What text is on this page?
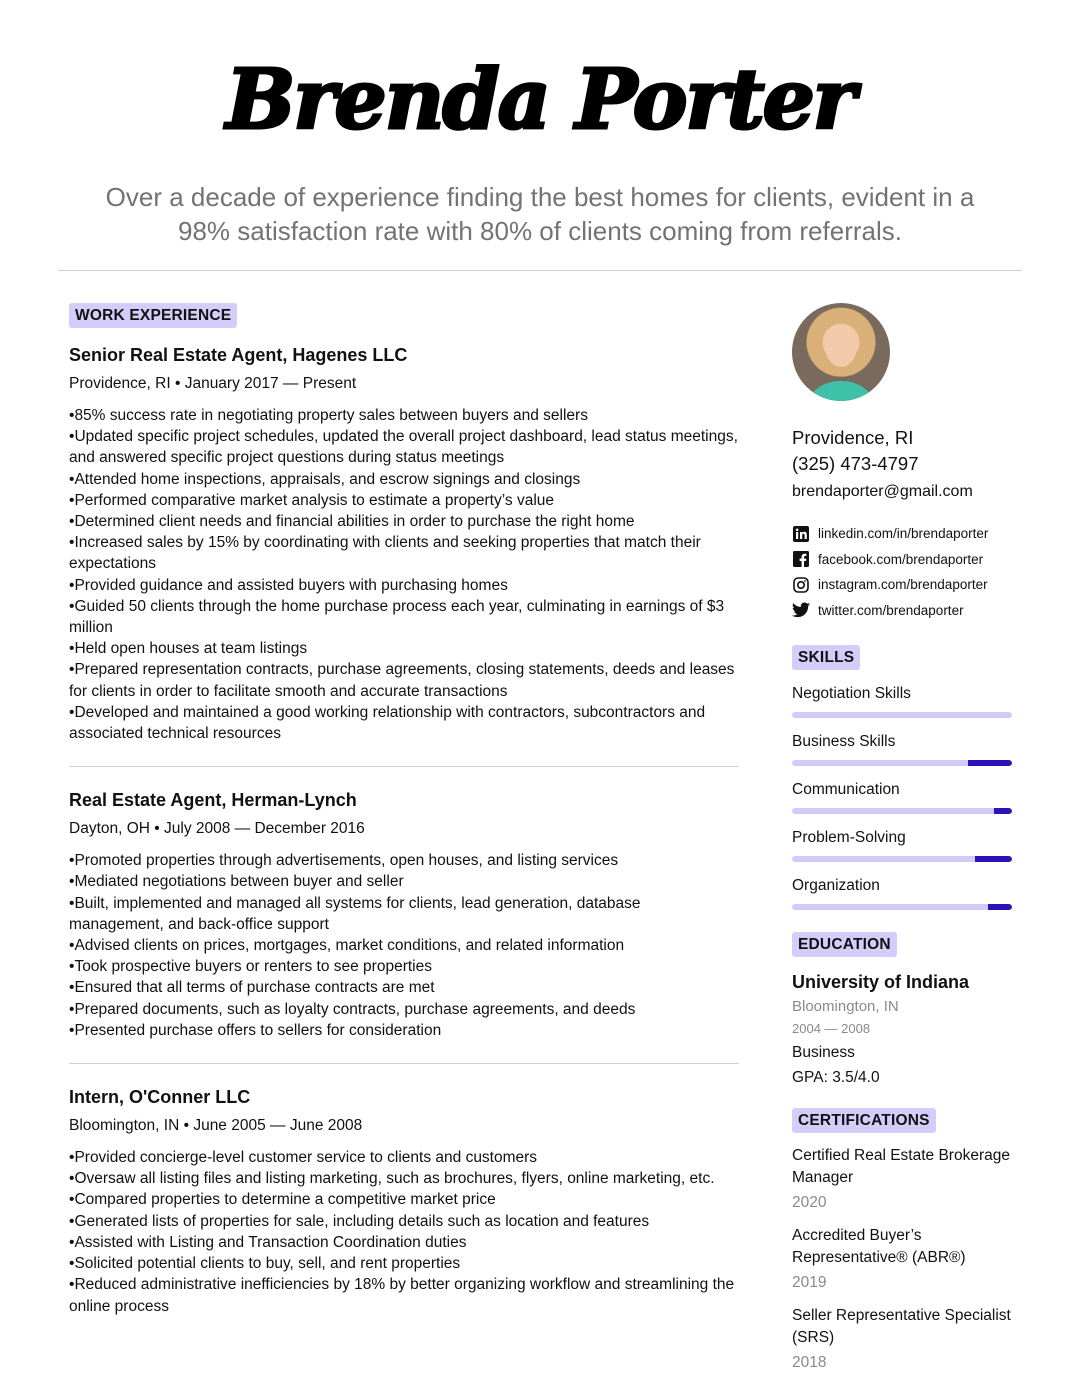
Brenda Porter
Over a decade of experience finding the best homes for clients, evident in a 98% satisfaction rate with 80% of clients coming from referrals.
WORK EXPERIENCE
Senior Real Estate Agent, Hagenes LLC
Providence, RI • January 2017 — Present
• 85% success rate in negotiating property sales between buyers and sellers
• Updated specific project schedules, updated the overall project dashboard, lead status meetings, and answered specific project questions during status meetings
• Attended home inspections, appraisals, and escrow signings and closings
• Performed comparative market analysis to estimate a property’s value
• Determined client needs and financial abilities in order to purchase the right home
• Increased sales by 15% by coordinating with clients and seeking properties that match their expectations
• Provided guidance and assisted buyers with purchasing homes
• Guided 50 clients through the home purchase process each year, culminating in earnings of $3 million
• Held open houses at team listings
• Prepared representation contracts, purchase agreements, closing statements, deeds and leases for clients in order to facilitate smooth and accurate transactions
• Developed and maintained a good working relationship with contractors, subcontractors and associated technical resources
Real Estate Agent, Herman-Lynch
Dayton, OH • July 2008 — December 2016
• Promoted properties through advertisements, open houses, and listing services
• Mediated negotiations between buyer and seller
• Built, implemented and managed all systems for clients, lead generation, database management, and back-office support
• Advised clients on prices, mortgages, market conditions, and related information
• Took prospective buyers or renters to see properties
• Ensured that all terms of purchase contracts are met
• Prepared documents, such as loyalty contracts, purchase agreements, and deeds
• Presented purchase offers to sellers for consideration
Intern, O'Conner LLC
Bloomington, IN • June 2005 — June 2008
• Provided concierge-level customer service to clients and customers
• Oversaw all listing files and listing marketing, such as brochures, flyers, online marketing, etc.
• Compared properties to determine a competitive market price
• Generated lists of properties for sale, including details such as location and features
• Assisted with Listing and Transaction Coordination duties
• Solicited potential clients to buy, sell, and rent properties
• Reduced administrative inefficiencies by 18% by better organizing workflow and streamlining the online process
Providence, RI
(325) 473-4797
brendaporter@gmail.com
linkedin.com/in/brendaporter
facebook.com/brendaporter
instagram.com/brendaporter
twitter.com/brendaporter
SKILLS
Negotiation Skills
Business Skills
Communication
Problem-Solving
Organization
EDUCATION
University of Indiana
Bloomington, IN
2004 — 2008
Business
GPA: 3.5/4.0
CERTIFICATIONS
Certified Real Estate Brokerage Manager
2020
Accredited Buyer’s Representative® (ABR®)
2019
Seller Representative Specialist (SRS)
2018
